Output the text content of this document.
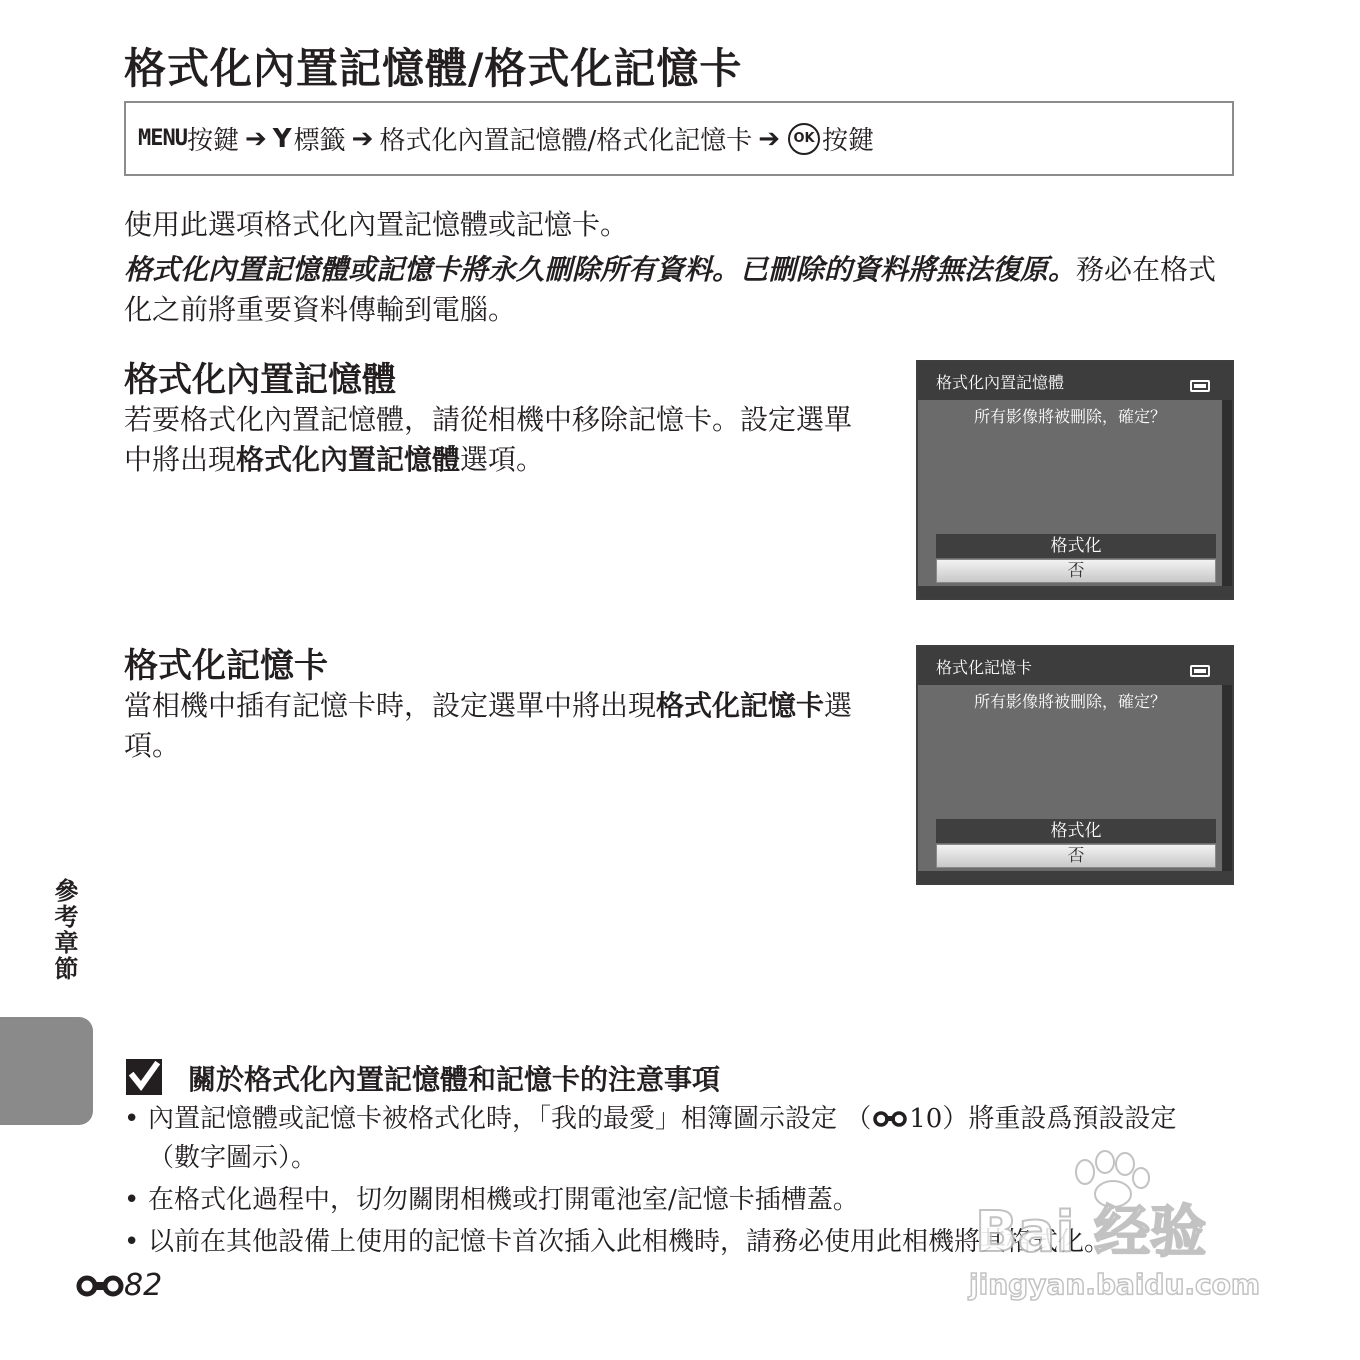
格式化內置記憶體/格式化記憶卡
MENU 按鍵 ➔ Y 標籤 ➔ 格式化內置記憶體/格式化記憶卡 ➔	OK 按鍵

使用此選項格式化內置記憶體或記憶卡。

格式化內置記憶體或記憶卡將永久刪除所有資料。已刪除的資料將無法復原。務必在格式化之前將重要資料傳輸到電腦。

格式化內置記憶體

若要格式化內置記憶體，請從相機中移除記憶卡。設定選單中將出現格式化內置記憶體選項。

格式化內置記憶體
所有影像將被刪除，確定？
格式化
否
格式化記憶卡

當相機中插有記憶卡時，設定選單中將出現格式化記憶卡選項。

格式化記憶卡
所有影像將被刪除，確定？
格式化
否
參考章節
關於格式化內置記憶體和記憶卡的注意事項
• 內置記憶體或記憶卡被格式化時，「我的最愛」相簿圖示設定 （ 10）將重設爲預設設定 （數字圖示）。
• 在格式化過程中，切勿關閉相機或打開電池室/記憶卡插槽蓋。
• 以前在其他設備上使用的記憶卡首次插入此相機時，請務必使用此相機將其格式化。
82
Bai 经验
jingyan.baidu.com
